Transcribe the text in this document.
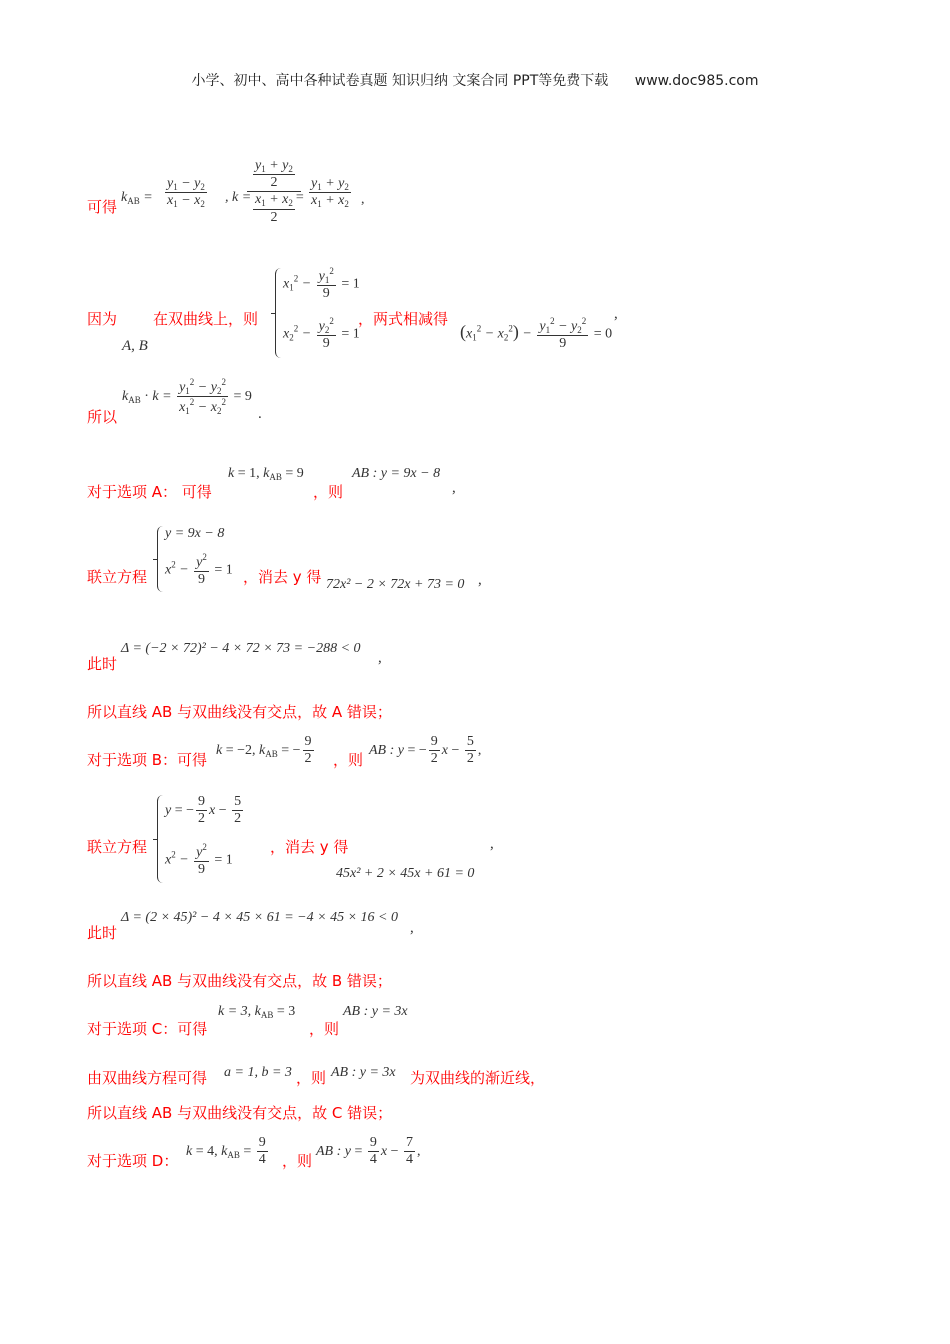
小学、初中、高中各种试卷真题 知识归纳 文案合同 PPT等免费下载 www.doc985.com
可得
$k_{AB} = \frac{y_1 - y_2}{x_1 - x_2}$ , k =
$\frac{\frac{y_1 + y_2}{2}}{\frac{x_1 + x_2}{2}}$
= $\frac{y_1 + y_2}{x_1 + x_2}$ ,
因为 在双曲线上，则
A, B
$x_1^2 - \frac{y_1^2}{9} = 1$
$x_2^2 - \frac{y_2^2}{9} = 1$
，两式相减得
$(x_1^2 - x_2^2) - \frac{y_1^2 - y_2^2}{9} = 0$
,
所以
$k_{AB} \cdot k = \frac{y_1^2 - y_2^2}{x_1^2 - x_2^2} = 9$
.
对于选项 A： 可得
k = 1, $k_{AB} = 9$
，则
AB : y = 9x − 8
,
联立方程
y = 9x − 8
$x^2 - \frac{y^2}{9} = 1$ ，消去 y 得 72x² − 2 × 72x + 73 = 0 ,
此时
Δ = (−2 × 72)² − 4 × 72 × 73 = −288 < 0
,
所以直线 AB 与双曲线没有交点，故 A 错误；
对于选项 B：可得
k = −2, $k_{AB}$ = − $\frac{9}{2}$ ，则
AB : y = − $\frac{9}{2}$ $x - \frac{5}{2}$ ,
联立方程
y = − $\frac{9}{2}$ $x - \frac{5}{2}$
$x^2 - \frac{y^2}{9} = 1$
，消去 y 得
45x² + 2 × 45x + 61 = 0
,
此时
Δ = (2 × 45)² − 4 × 45 × 61 = −4 × 45 × 16 < 0
,
所以直线 AB 与双曲线没有交点，故 B 错误；
对于选项 C：可得
k = 3, $k_{AB} = 3$
，则
AB : y = 3x
由双曲线方程可得 a = 1, b = 3 ，则 AB : y = 3x 为双曲线的渐近线，
所以直线 AB 与双曲线没有交点，故 C 错误；
对于选项 D：
k = 4, $k_{AB} = \frac{9}{4}$ ，则
AB : $y = \frac{9}{4}$ $x - \frac{7}{4}$ ,
